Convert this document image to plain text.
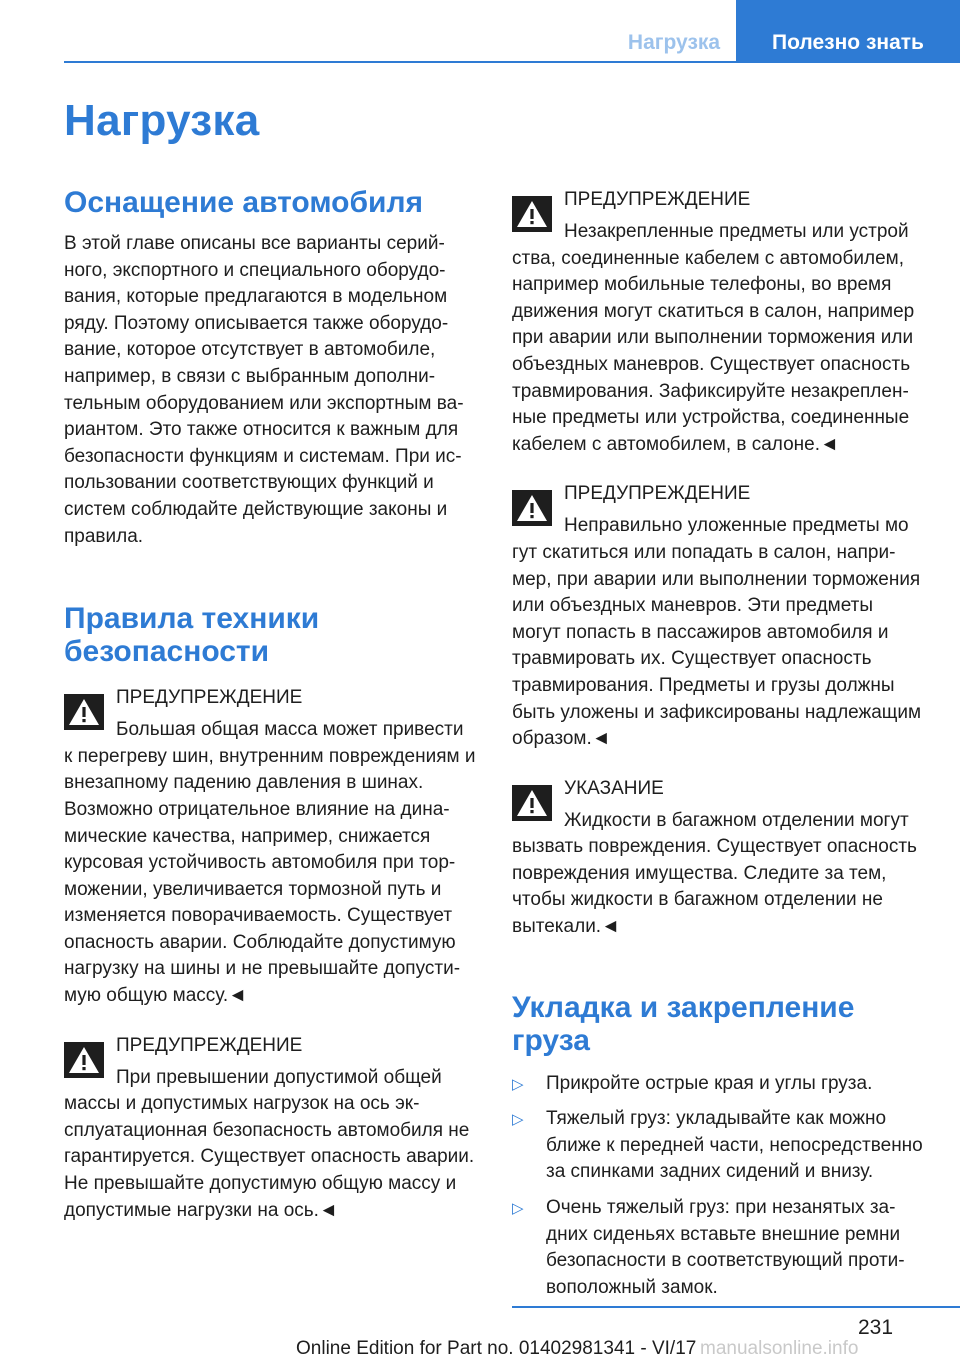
Нагрузка	Полезно знать
Нагрузка
Оснащение автомобиля

В этой главе описаны все варианты серийного, экспортного и специального оборудования, которые предлагаются в модельном ряду. Поэтому описывается также оборудование, которое отсутствует в автомобиле, например, в связи с выбранным дополнительным оборудованием или экспортным вариантом. Это также относится к важным для безопасности функциям и системам. При использовании соответствующих функций и систем соблюдайте действующие законы и правила.

Правила техники безопасности

ПРЕДУПРЕЖДЕНИЕ

Большая общая масса может привести

к перегреву шин, внутренним повреждениям и внезапному падению давления в шинах. Возможно отрицательное влияние на динамические качества, например, снижается курсовая устойчивость автомобиля при торможении, увеличивается тормозной путь и изменяется поворачиваемость. Существует опасность аварии. Соблюдайте допустимую нагрузку на шины и не превышайте допустимую общую массу.◄

ПРЕДУПРЕЖДЕНИЕ

При превышении допустимой общей

массы и допустимых нагрузок на ось эксплуатационная безопасность автомобиля не гарантируется. Существует опасность аварии. Не превышайте допустимую общую массу и допустимые нагрузки на ось.◄

ПРЕДУПРЕЖДЕНИЕ

Незакрепленные предметы или устрой

ства, соединенные кабелем с автомобилем, например мобильные телефоны, во время движения могут скатиться в салон, например при аварии или выполнении торможения или объездных маневров. Существует опасность травмирования. Зафиксируйте незакрепленные предметы или устройства, соединенные кабелем с автомобилем, в салоне.◄

ПРЕДУПРЕЖДЕНИЕ

Неправильно уложенные предметы мо

гут скатиться или попадать в салон, например, при аварии или выполнении торможения или объездных маневров. Эти предметы могут попасть в пассажиров автомобиля и травмировать их. Существует опасность травмирования. Предметы и грузы должны быть уложены и зафиксированы надлежащим образом.◄

УКАЗАНИЕ

Жидкости в багажном отделении могут

вызвать повреждения. Существует опасность повреждения имущества. Следите за тем, чтобы жидкости в багажном отделении не вытекали.◄

Укладка и закрепление груза
▷ Прикройте острые края и углы груза.
▷ Тяжелый груз: укладывайте как можно ближе к передней части, непосредственно за спинками задних сидений и внизу.
▷ Очень тяжелый груз: при незанятых задних сиденьях вставьте внешние ремни безопасности в соответствующий противоположный замок.
231
Online Edition for Part no. 01402981341 - VI/17 manualsonline.info
